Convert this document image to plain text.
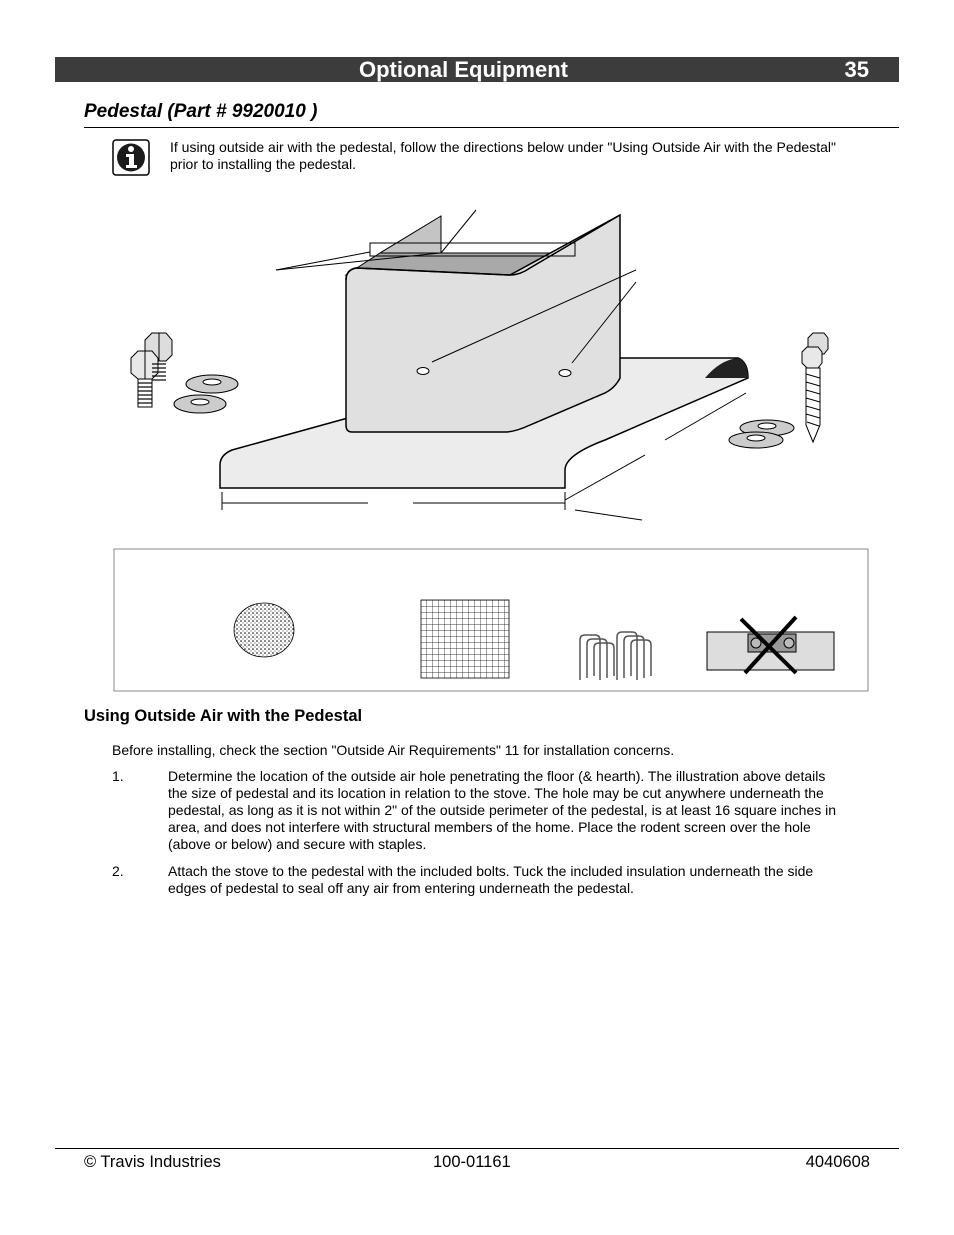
Optional Equipment	35
Pedestal (Part # 9920010 )
If using outside air with the pedestal, follow the directions below under "Using Outside Air with the Pedestal" prior to installing the pedestal.
Using Outside Air with the Pedestal
Before installing, check the section "Outside Air Requirements" 11 for installation concerns.
1.	Determine the location of the outside air hole penetrating the floor (& hearth). The illustration above details the size of pedestal and its location in relation to the stove. The hole may be cut anywhere underneath the pedestal, as long as it is not within 2" of the outside perimeter of the pedestal, is at least 16 square inches in area, and does not interfere with structural members of the home. Place the rodent screen over the hole (above or below) and secure with staples.
2.	Attach the stove to the pedestal with the included bolts. Tuck the included insulation underneath the side edges of pedestal to seal off any air from entering underneath the pedestal.
© Travis Industries	100-01161	4040608
